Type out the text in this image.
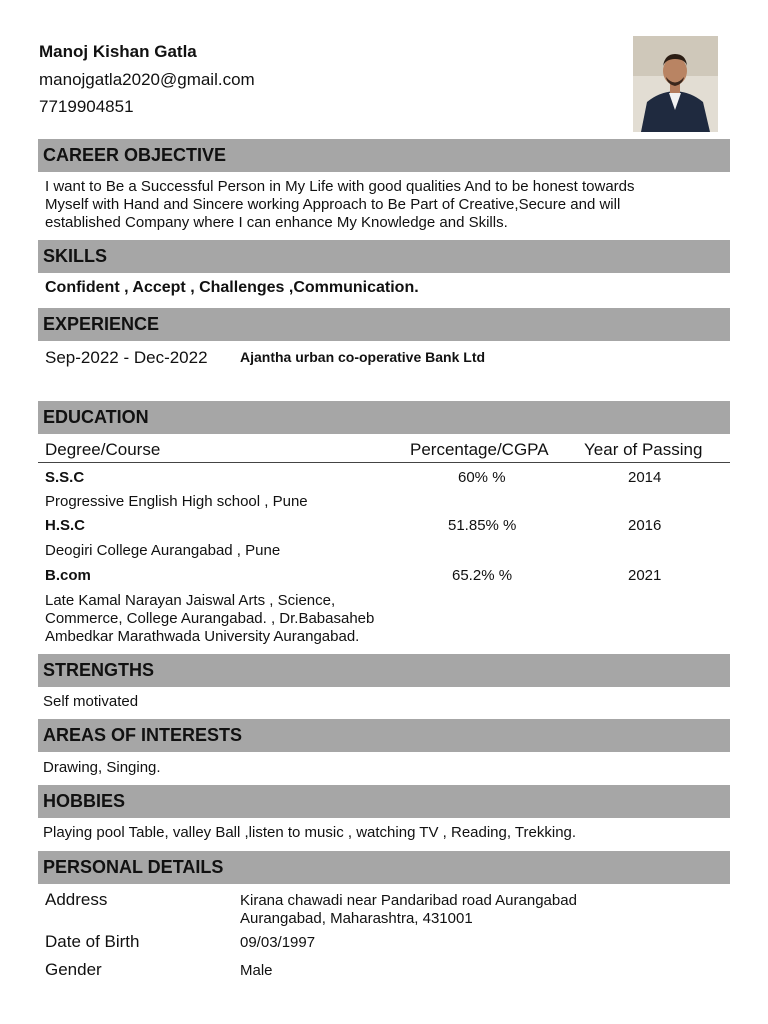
Manoj Kishan Gatla
manojgatla2020@gmail.com
7719904851
CAREER OBJECTIVE
I want to Be a Successful Person in My Life with good qualities And to be honest towards
Myself with Hand and Sincere working Approach to Be Part of Creative,Secure and will
established Company where I can enhance My Knowledge and Skills.
SKILLS
Confident , Accept , Challenges ,Communication.
EXPERIENCE
Sep-2022 - Dec-2022 Ajantha urban co-operative Bank Ltd
EDUCATION
Degree/Course	Percentage/CGPA Year of Passing
S.S.C	60% %	2014
Progressive English High school , Pune
H.S.C	51.85% %	2016
Deogiri College Aurangabad , Pune
B.com	65.2% %	2021
Late Kamal Narayan Jaiswal Arts , Science,
Commerce, College Aurangabad. , Dr.Babasaheb
Ambedkar Marathwada University Aurangabad.
STRENGTHS
Self motivated
AREAS OF INTERESTS
Drawing, Singing.
HOBBIES
Playing pool Table, valley Ball ,listen to music , watching TV , Reading, Trekking.
PERSONAL DETAILS
Address	Kirana chawadi near Pandaribad road Aurangabad
Aurangabad, Maharashtra, 431001
Date of Birth	09/03/1997
Gender	Male
